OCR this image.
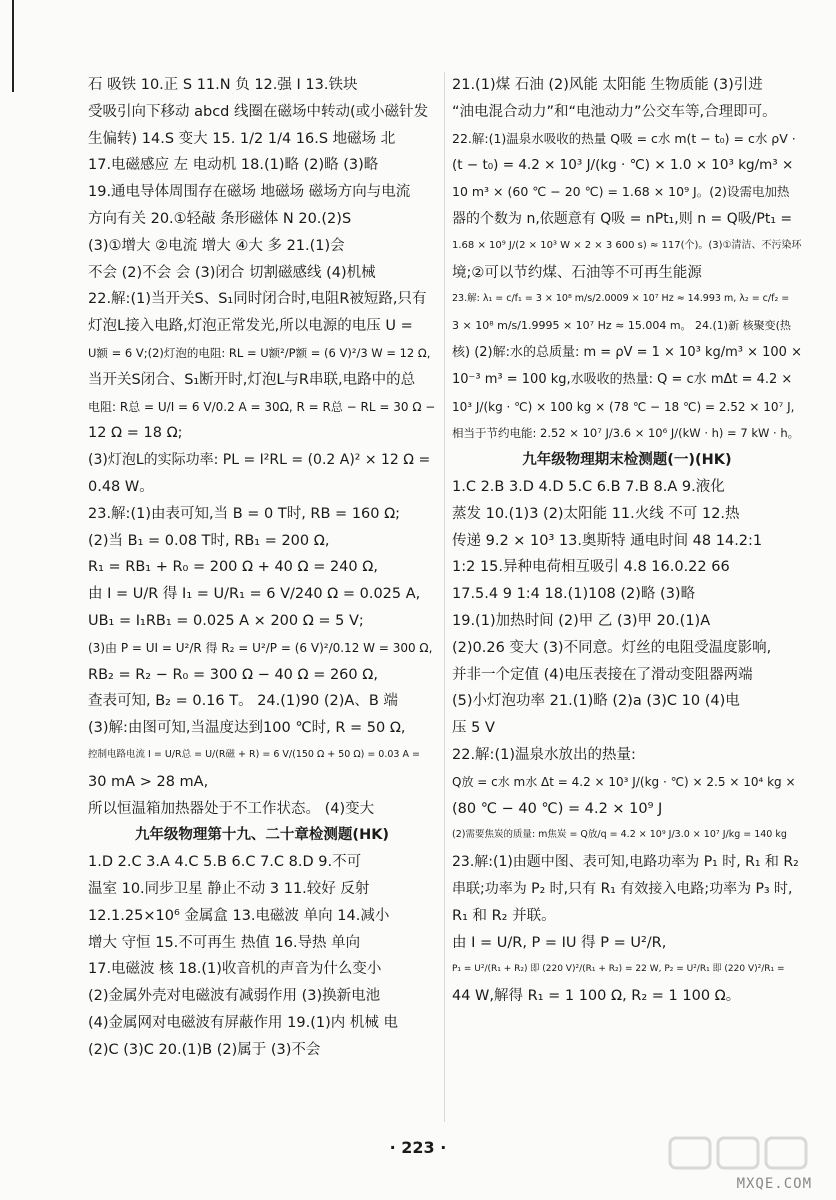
石 吸铁 10.正 S 11.N 负 12.强 I 13.铁块

受吸引向下移动 abcd 线圈在磁场中转动(或小磁针发

生偏转) 14.S 变大 15. 1/2 1/4 16.S 地磁场 北

17.电磁感应 左 电动机 18.(1)略 (2)略 (3)略

19.通电导体周围存在磁场 地磁场 磁场方向与电流

方向有关 20.①轻敲 条形磁体 N 20.(2)S

(3)①增大 ②电流 增大 ④大 多 21.(1)会

不会 (2)不会 会 (3)闭合 切割磁感线 (4)机械

22.解:(1)当开关S、S₁同时闭合时,电阻R被短路,只有

灯泡L接入电路,灯泡正常发光,所以电源的电压 U =

U额 = 6 V;(2)灯泡的电阻: RL = U额²/P额 = (6 V)²/3 W = 12 Ω,

当开关S闭合、S₁断开时,灯泡L与R串联,电路中的总

电阻: R总 = U/I = 6 V/0.2 A = 30Ω, R = R总 − RL = 30 Ω −

12 Ω = 18 Ω;

(3)灯泡L的实际功率: PL = I²RL = (0.2 A)² × 12 Ω =

0.48 W。

23.解:(1)由表可知,当 B = 0 T时, RB = 160 Ω;

(2)当 B₁ = 0.08 T时, RB₁ = 200 Ω,

R₁ = RB₁ + R₀ = 200 Ω + 40 Ω = 240 Ω,

由 I = U/R 得 I₁ = U/R₁ = 6 V/240 Ω = 0.025 A,

UB₁ = I₁RB₁ = 0.025 A × 200 Ω = 5 V;

(3)由 P = UI = U²/R 得 R₂ = U²/P = (6 V)²/0.12 W = 300 Ω,

RB₂ = R₂ − R₀ = 300 Ω − 40 Ω = 260 Ω,

查表可知, B₂ = 0.16 T。 24.(1)90 (2)A、B 端

(3)解:由图可知,当温度达到100 ℃时, R = 50 Ω,

控制电路电流 I = U/R总 = U/(R磁 + R) = 6 V/(150 Ω + 50 Ω) = 0.03 A =

30 mA > 28 mA,

所以恒温箱加热器处于不工作状态。 (4)变大

九年级物理第十九、二十章检测题(HK)

1.D 2.C 3.A 4.C 5.B 6.C 7.C 8.D 9.不可

温室 10.同步卫星 静止不动 3 11.较好 反射

12.1.25×10⁶ 金属盒 13.电磁波 单向 14.减小

增大 守恒 15.不可再生 热值 16.导热 单向

17.电磁波 核 18.(1)收音机的声音为什么变小

(2)金属外壳对电磁波有减弱作用 (3)换新电池

(4)金属网对电磁波有屏蔽作用 19.(1)内 机械 电

(2)C (3)C 20.(1)B (2)属于 (3)不会

21.(1)煤 石油 (2)风能 太阳能 生物质能 (3)引进

“油电混合动力”和“电池动力”公交车等,合理即可。

22.解:(1)温泉水吸收的热量 Q吸 = c水 m(t − t₀) = c水 ρV ·

(t − t₀) = 4.2 × 10³ J/(kg · ℃) × 1.0 × 10³ kg/m³ ×

10 m³ × (60 ℃ − 20 ℃) = 1.68 × 10⁹ J。(2)设需电加热

器的个数为 n,依题意有 Q吸 = nPt₁,则 n = Q吸/Pt₁ =

1.68 × 10⁹ J/(2 × 10³ W × 2 × 3 600 s) ≈ 117(个)。(3)①清洁、不污染环

境;②可以节约煤、石油等不可再生能源

23.解: λ₁ = c/f₁ = 3 × 10⁸ m/s/2.0009 × 10⁷ Hz ≈ 14.993 m, λ₂ = c/f₂ =

3 × 10⁸ m/s/1.9995 × 10⁷ Hz ≈ 15.004 m。 24.(1)新 核聚变(热

核) (2)解:水的总质量: m = ρV = 1 × 10³ kg/m³ × 100 ×

10⁻³ m³ = 100 kg,水吸收的热量: Q = c水 mΔt = 4.2 ×

10³ J/(kg · ℃) × 100 kg × (78 ℃ − 18 ℃) = 2.52 × 10⁷ J,

相当于节约电能: 2.52 × 10⁷ J/3.6 × 10⁶ J/(kW · h) = 7 kW · h。

九年级物理期末检测题(一)(HK)

1.C 2.B 3.D 4.D 5.C 6.B 7.B 8.A 9.液化

蒸发 10.(1)3 (2)太阳能 11.火线 不可 12.热

传递 9.2 × 10³ 13.奥斯特 通电时间 48 14.2:1

1:2 15.异种电荷相互吸引 4.8 16.0.22 66

17.5.4 9 1:4 18.(1)108 (2)略 (3)略

19.(1)加热时间 (2)甲 乙 (3)甲 20.(1)A

(2)0.26 变大 (3)不同意。灯丝的电阻受温度影响,

并非一个定值 (4)电压表接在了滑动变阻器两端

(5)小灯泡功率 21.(1)略 (2)a (3)C 10 (4)电

压 5 V

22.解:(1)温泉水放出的热量:

Q放 = c水 m水 Δt = 4.2 × 10³ J/(kg · ℃) × 2.5 × 10⁴ kg ×

(80 ℃ − 40 ℃) = 4.2 × 10⁹ J

(2)需要焦炭的质量: m焦炭 = Q放/q = 4.2 × 10⁹ J/3.0 × 10⁷ J/kg = 140 kg

23.解:(1)由题中图、表可知,电路功率为 P₁ 时, R₁ 和 R₂

串联;功率为 P₂ 时,只有 R₁ 有效接入电路;功率为 P₃ 时,

R₁ 和 R₂ 并联。

由 I = U/R, P = IU 得 P = U²/R,

P₁ = U²/(R₁ + R₂) 即 (220 V)²/(R₁ + R₂) = 22 W, P₂ = U²/R₁ 即 (220 V)²/R₁ =

44 W,解得 R₁ = 1 100 Ω, R₂ = 1 100 Ω。

· 223 ·
MXQE.COM
